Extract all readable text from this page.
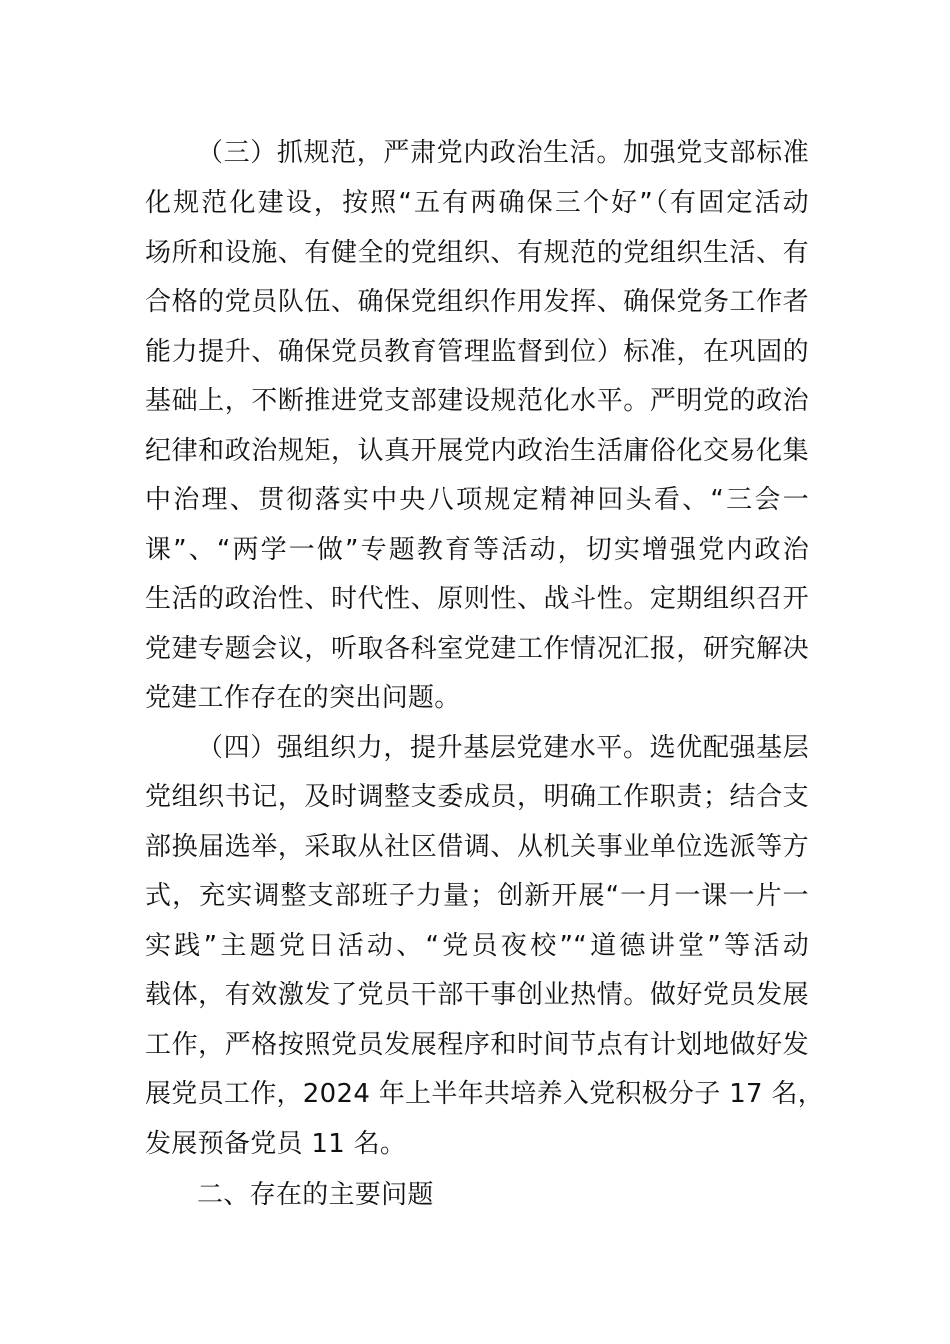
（三）抓规范，严肃党内政治生活。加强党支部标准
化规范化建设，按照“五有两确保三个好”（有固定活动
场所和设施、有健全的党组织、有规范的党组织生活、有
合格的党员队伍、确保党组织作用发挥、确保党务工作者
能力提升、确保党员教育管理监督到位）标准，在巩固的
基础上，不断推进党支部建设规范化水平。严明党的政治
纪律和政治规矩，认真开展党内政治生活庸俗化交易化集
中治理、贯彻落实中央八项规定精神回头看、“三会一
课”、“两学一做”专题教育等活动，切实增强党内政治
生活的政治性、时代性、原则性、战斗性。定期组织召开
党建专题会议，听取各科室党建工作情况汇报，研究解决
党建工作存在的突出问题。
（四）强组织力，提升基层党建水平。选优配强基层
党组织书记，及时调整支委成员，明确工作职责；结合支
部换届选举，采取从社区借调、从机关事业单位选派等方
式，充实调整支部班子力量；创新开展“一月一课一片一
实践”主题党日活动、“党员夜校”“道德讲堂”等活动
载体，有效激发了党员干部干事创业热情。做好党员发展
工作，严格按照党员发展程序和时间节点有计划地做好发
展党员工作，2024 年上半年共培养入党积极分子 17 名，
发展预备党员 11 名。
二、存在的主要问题
